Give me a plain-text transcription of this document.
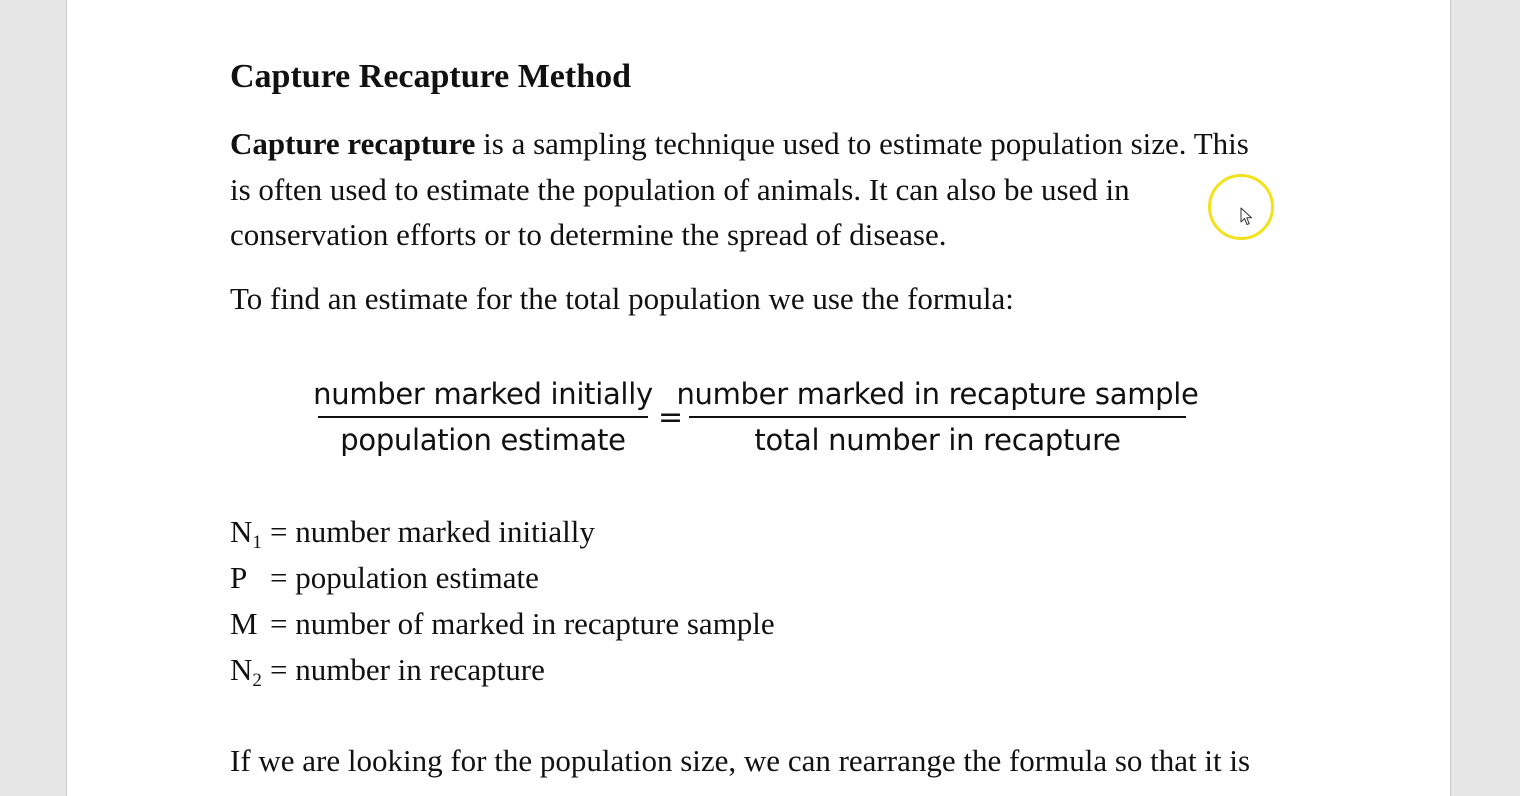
Capture Recapture Method

Capture recapture is a sampling technique used to estimate population size. This
is often used to estimate the population of animals. It can also be used in
conservation efforts or to determine the spread of disease.

To find an estimate for the total population we use the formula:

number marked initially
population estimate
=
number marked in recapture sample
total number in recapture
$N_1$ = number marked initially
P = population estimate
M = number of marked in recapture sample
$N_2$ = number in recapture

If we are looking for the population size, we can rearrange the formula so that it is
